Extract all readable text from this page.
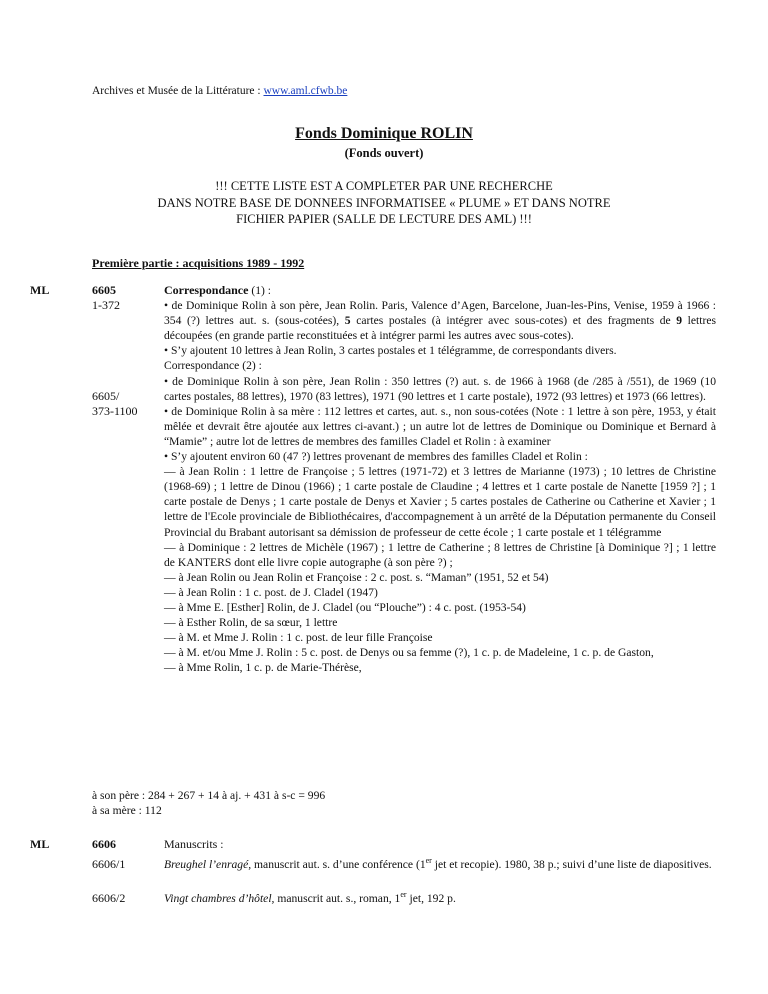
Archives et Musée de la Littérature : www.aml.cfwb.be
Fonds Dominique ROLIN
(Fonds ouvert)
!!! CETTE LISTE EST A COMPLETER PAR UNE RECHERCHE
DANS NOTRE BASE DE DONNEES INFORMATISEE « PLUME » ET DANS NOTRE
FICHIER PAPIER (SALLE DE LECTURE DES AML) !!!
Première partie : acquisitions 1989 - 1992
ML	6605
1-372
6605/
373-1100

Correspondance (1) :

• de Dominique Rolin à son père, Jean Rolin. Paris, Valence d’Agen, Barcelone, Juan-les-Pins, Venise, 1959 à 1966 : 354 (?) lettres aut. s. (sous-cotées), 5 cartes postales (à intégrer avec sous-cotes) et des fragments de 9 lettres découpées (en grande partie reconstituées et à intégrer parmi les autres avec sous-cotes).

• S’y ajoutent 10 lettres à Jean Rolin, 3 cartes postales et 1 télégramme, de correspondants divers.

Correspondance (2) :

• de Dominique Rolin à son père, Jean Rolin : 350 lettres (?) aut. s. de 1966 à 1968 (de /285 à /551), de 1969 (10 cartes postales, 88 lettres), 1970 (83 lettres), 1971 (90 lettres et 1 carte postale), 1972 (93 lettres) et 1973 (66 lettres).

• de Dominique Rolin à sa mère : 112 lettres et cartes, aut. s., non sous-cotées (Note : 1 lettre à son père, 1953, y était mêlée et devrait être ajoutée aux lettres ci-avant.) ; un autre lot de lettres de Dominique ou Dominique et Bernard à “Mamie” ; autre lot de lettres de membres des familles Cladel et Rolin : à examiner

• S’y ajoutent environ 60 (47 ?) lettres provenant de membres des familles Cladel et Rolin :

— à Jean Rolin : 1 lettre de Françoise ; 5 lettres (1971-72) et 3 lettres de Marianne (1973) ; 10 lettres de Christine (1968-69) ; 1 lettre de Dinou (1966) ; 1 carte postale de Claudine ; 4 lettres et 1 carte postale de Nanette [1959 ?] ; 1 carte postale de Denys ; 1 carte postale de Denys et Xavier ; 5 cartes postales de Catherine ou Catherine et Xavier ; 1 lettre de l'Ecole provinciale de Bibliothécaires, d'accompagnement à un arrêté de la Députation permanente du Conseil Provincial du Brabant autorisant sa démission de professeur de cette école ; 1 carte postale et 1 télégramme

— à Dominique : 2 lettres de Michèle (1967) ; 1 lettre de Catherine ; 8 lettres de Christine [à Dominique ?] ; 1 lettre de KANTERS dont elle livre copie autographe (à son père ?) ;

— à Jean Rolin ou Jean Rolin et Françoise : 2 c. post. s. “Maman” (1951, 52 et 54)

— à Jean Rolin : 1 c. post. de J. Cladel (1947)

— à Mme E. [Esther] Rolin, de J. Cladel (ou “Plouche”) : 4 c. post. (1953-54)

— à Esther Rolin, de sa sœur, 1 lettre

— à M. et Mme J. Rolin : 1 c. post. de leur fille Françoise

— à M. et/ou Mme J. Rolin : 5 c. post. de Denys ou sa femme (?), 1 c. p. de Madeleine, 1 c. p. de Gaston,

— à Mme Rolin, 1 c. p. de Marie-Thérèse,

à son père : 284 + 267 + 14 à aj. + 431 à s-c = 996

à sa mère : 112

ML	6606
6606/1
6606/2

Manuscrits :

Breughel l’enragé, manuscrit aut. s. d’une conférence (1er jet et recopie). 1980, 38 p.; suivi d’une liste de diapositives.

Vingt chambres d’hôtel, manuscrit aut. s., roman, 1er jet, 192 p.
